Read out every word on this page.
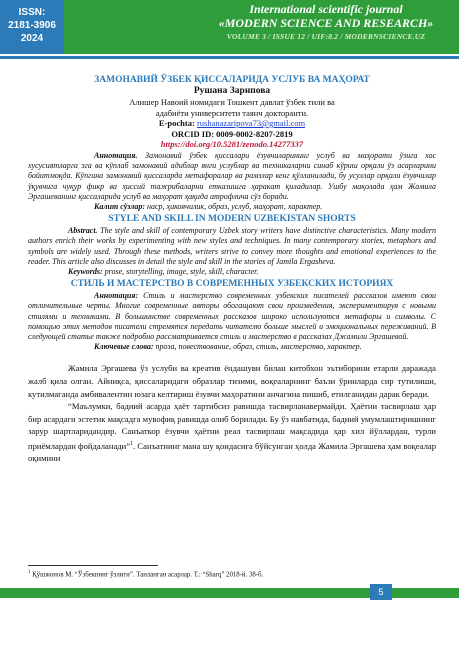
ISSN:
2181-3906
2024
International scientific journal
«MODERN SCIENCE AND RESEARCH»
VOLUME 3 / ISSUE 12 / UIF:8.2 / MODERNSCIENCE.UZ
ЗАМОНАВИЙ ЎЗБЕК ҚИССАЛАРИДА УСЛУБ ВА МАҲОРАТ
Рушана Зарипова
Алишер Навоий номидаги Тошкент давлат ўзбек тили ва
адабиёти университети таянч докторанти.
E-pochta: rushanazaripova73@gmail.com
ORCID ID: 0009-0002-8207-2819
https://doi.org/10.5281/zenodo.14277337

Аннотация. Замонавий ўзбек қиссалари ёзувчиларининг услуб ва маҳорати ўзига хос хусусиятларга эга ва кўплаб замонавий адиблар янги услублар ва техникаларни синаб кўриш орқали ўз асарларини бойитмоқда. Кўпгина замонавий қиссаларда метафоралар ва рамзлар кенг қўлланилади, бу усуллар орқали ёзувчилар ўқувчига чуқур фикр ва ҳиссий тажрибаларни етказишга ҳаракат қиладилар. Ушбу мақолада ҳам Жамила Эргашеванинг қиссаларида услуб ва маҳорат ҳақида атрофлича сўз боради.

Калит сўзлар: наср, ҳикоячилик, образ, услуб, маҳорат, характер.
STYLE AND SKILL IN MODERN UZBEKISTAN SHORTS

Abstract. The style and skill of contemporary Uzbek story writers have distinctive characteristics. Many modern authors enrich their works by experimenting with new styles and techniques. In many contemporary stories, metaphors and symbols are widely used. Through these methods, writers strive to convey more thoughts and emotional experiences to the reader. This article also discusses in detail the style and skill in the stories of Jamila Ergasheva.

Keywords: prose, storytelling, image, style, skill, character.
СТИЛЬ И МАСТЕРСТВО В СОВРЕМЕННЫХ УЗБЕКСКИХ ИСТОРИЯХ

Аннотация: Стиль и мастерство современных узбекских писателей рассказов имеют свои отличительные черты. Многие современные авторы обогащают свои произведения, экспериментируя с новыми стилями и техниками. В большинстве современных рассказов широко используются метафоры и символы. С помощью этих методов писатели стремятся передать читателю больше мыслей и эмоциональных переживаний. В следующей статье также подробно рассматривается стиль и мастерство в рассказах Джамили Эргашевой.

Ключевые слова: проза, повествование, образ, стиль, мастерство, характер.
Жамила Эргашева ўз услуби ва креатив ёндашуви билан китобхон эътиборини етарли даражада жалб қила олган. Айниқса, қиссаларидаги образлар тизими, воқеаларнинг баъзи ўринларда сир тутилиши, кутилмаганда амбивалентин юзага келтириш ёзувчи маҳоратини анчагина пишиб, етилганидан дарак беради.
“Маълумки, бадиий асарда ҳаёт тартибсиз равишда тасвирланавермайди. Ҳаётни тасвирлаш ҳар бир асардаги эстетик мақсадга мувофиқ равишда олиб борилади. Бу ўз навбатида, бадиий умумлаштиришнинг зарур шартларидандир. Санъаткор ёзувчи ҳаётни реал тасвирлаш мақсадида ҳар хил йўллардан, турли приёмлардан фойдаланади”$^1$. Санъатнинг мана шу қоидасига бўйсунган ҳолда Жамила Эргашева ҳам воқеалар оқимини
$^1$ Қўшжонов М. “Ўзбекнинг ўзлиги”. Танланган асарлар. Т.: “Sharq” 2018-й. 38-б.
5
